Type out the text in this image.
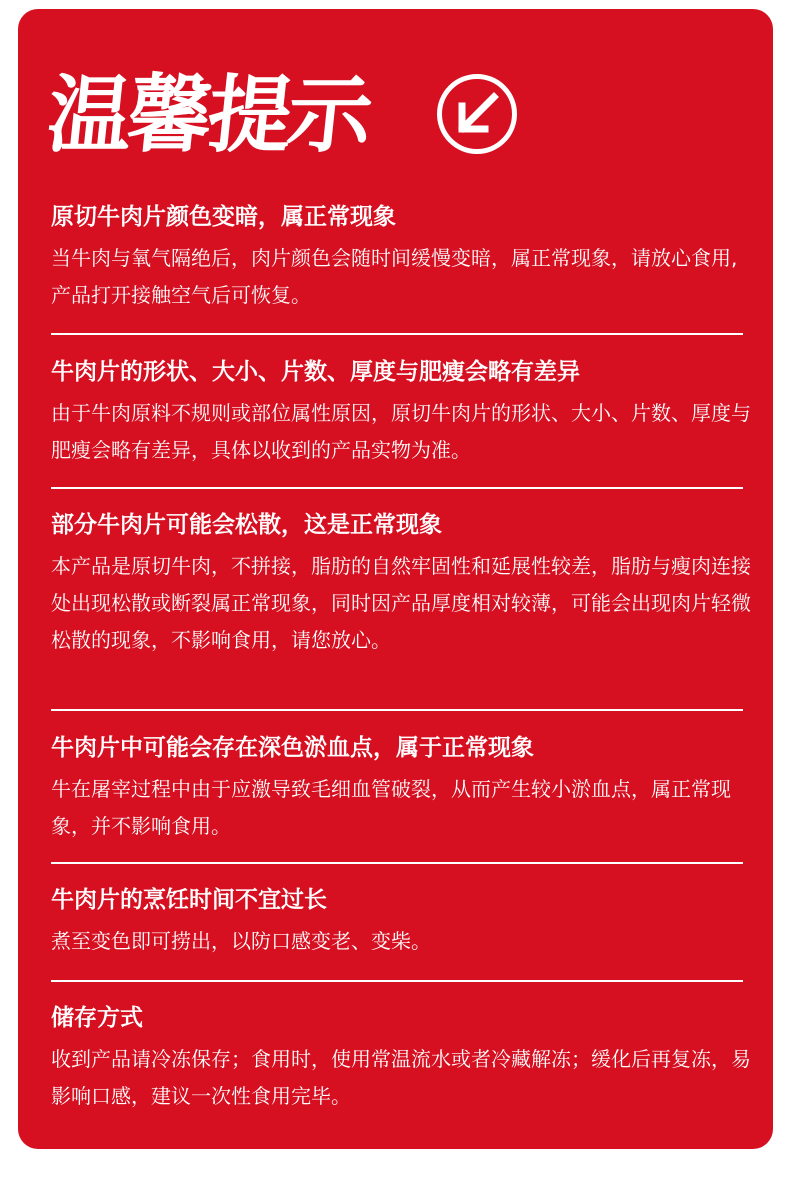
温馨提示
原切牛肉片颜色变暗，属正常现象
当牛肉与氧气隔绝后，肉片颜色会随时间缓慢变暗，属正常现象，请放心食用,产品打开接触空气后可恢复。
牛肉片的形状、大小、片数、厚度与肥瘦会略有差异
由于牛肉原料不规则或部位属性原因，原切牛肉片的形状、大小、片数、厚度与肥瘦会略有差异，具体以收到的产品实物为准。
部分牛肉片可能会松散，这是正常现象
本产品是原切牛肉，不拼接，脂肪的自然牢固性和延展性较差，脂肪与瘦肉连接处出现松散或断裂属正常现象，同时因产品厚度相对较薄，可能会出现肉片轻微松散的现象，不影响食用，请您放心。
牛肉片中可能会存在深色淤血点，属于正常现象
牛在屠宰过程中由于应激导致毛细血管破裂，从而产生较小淤血点，属正常现象，并不影响食用。
牛肉片的烹饪时间不宜过长
煮至变色即可捞出，以防口感变老、变柴。
储存方式
收到产品请冷冻保存；食用时，使用常温流水或者冷藏解冻；缓化后再复冻，易影响口感，建议一次性食用完毕。
